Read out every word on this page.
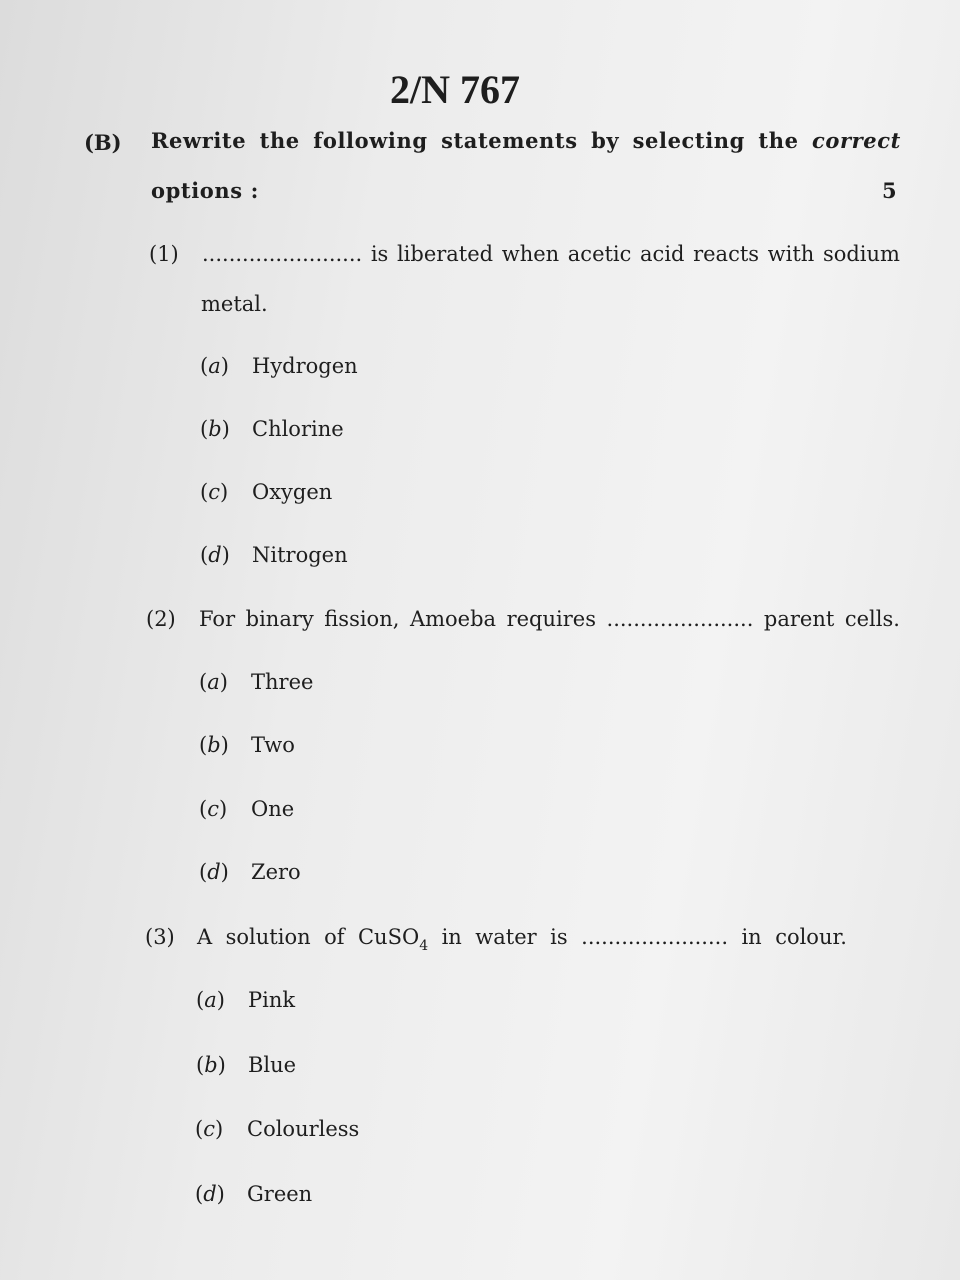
2/N 767
(B) Rewrite the following statements by selecting the correct
options :	5
(1) ........................ is liberated when acetic acid reacts with sodium
metal.
(a) Hydrogen
(b) Chlorine
(c) Oxygen
(d) Nitrogen
(2) For binary fission, Amoeba requires ...................... parent cells.
(a) Three
(b) Two
(c) One
(d) Zero
(3) A solution of CuSO$_4$ in water is ...................... in colour.
(a) Pink
(b) Blue
(c) Colourless
(d) Green
